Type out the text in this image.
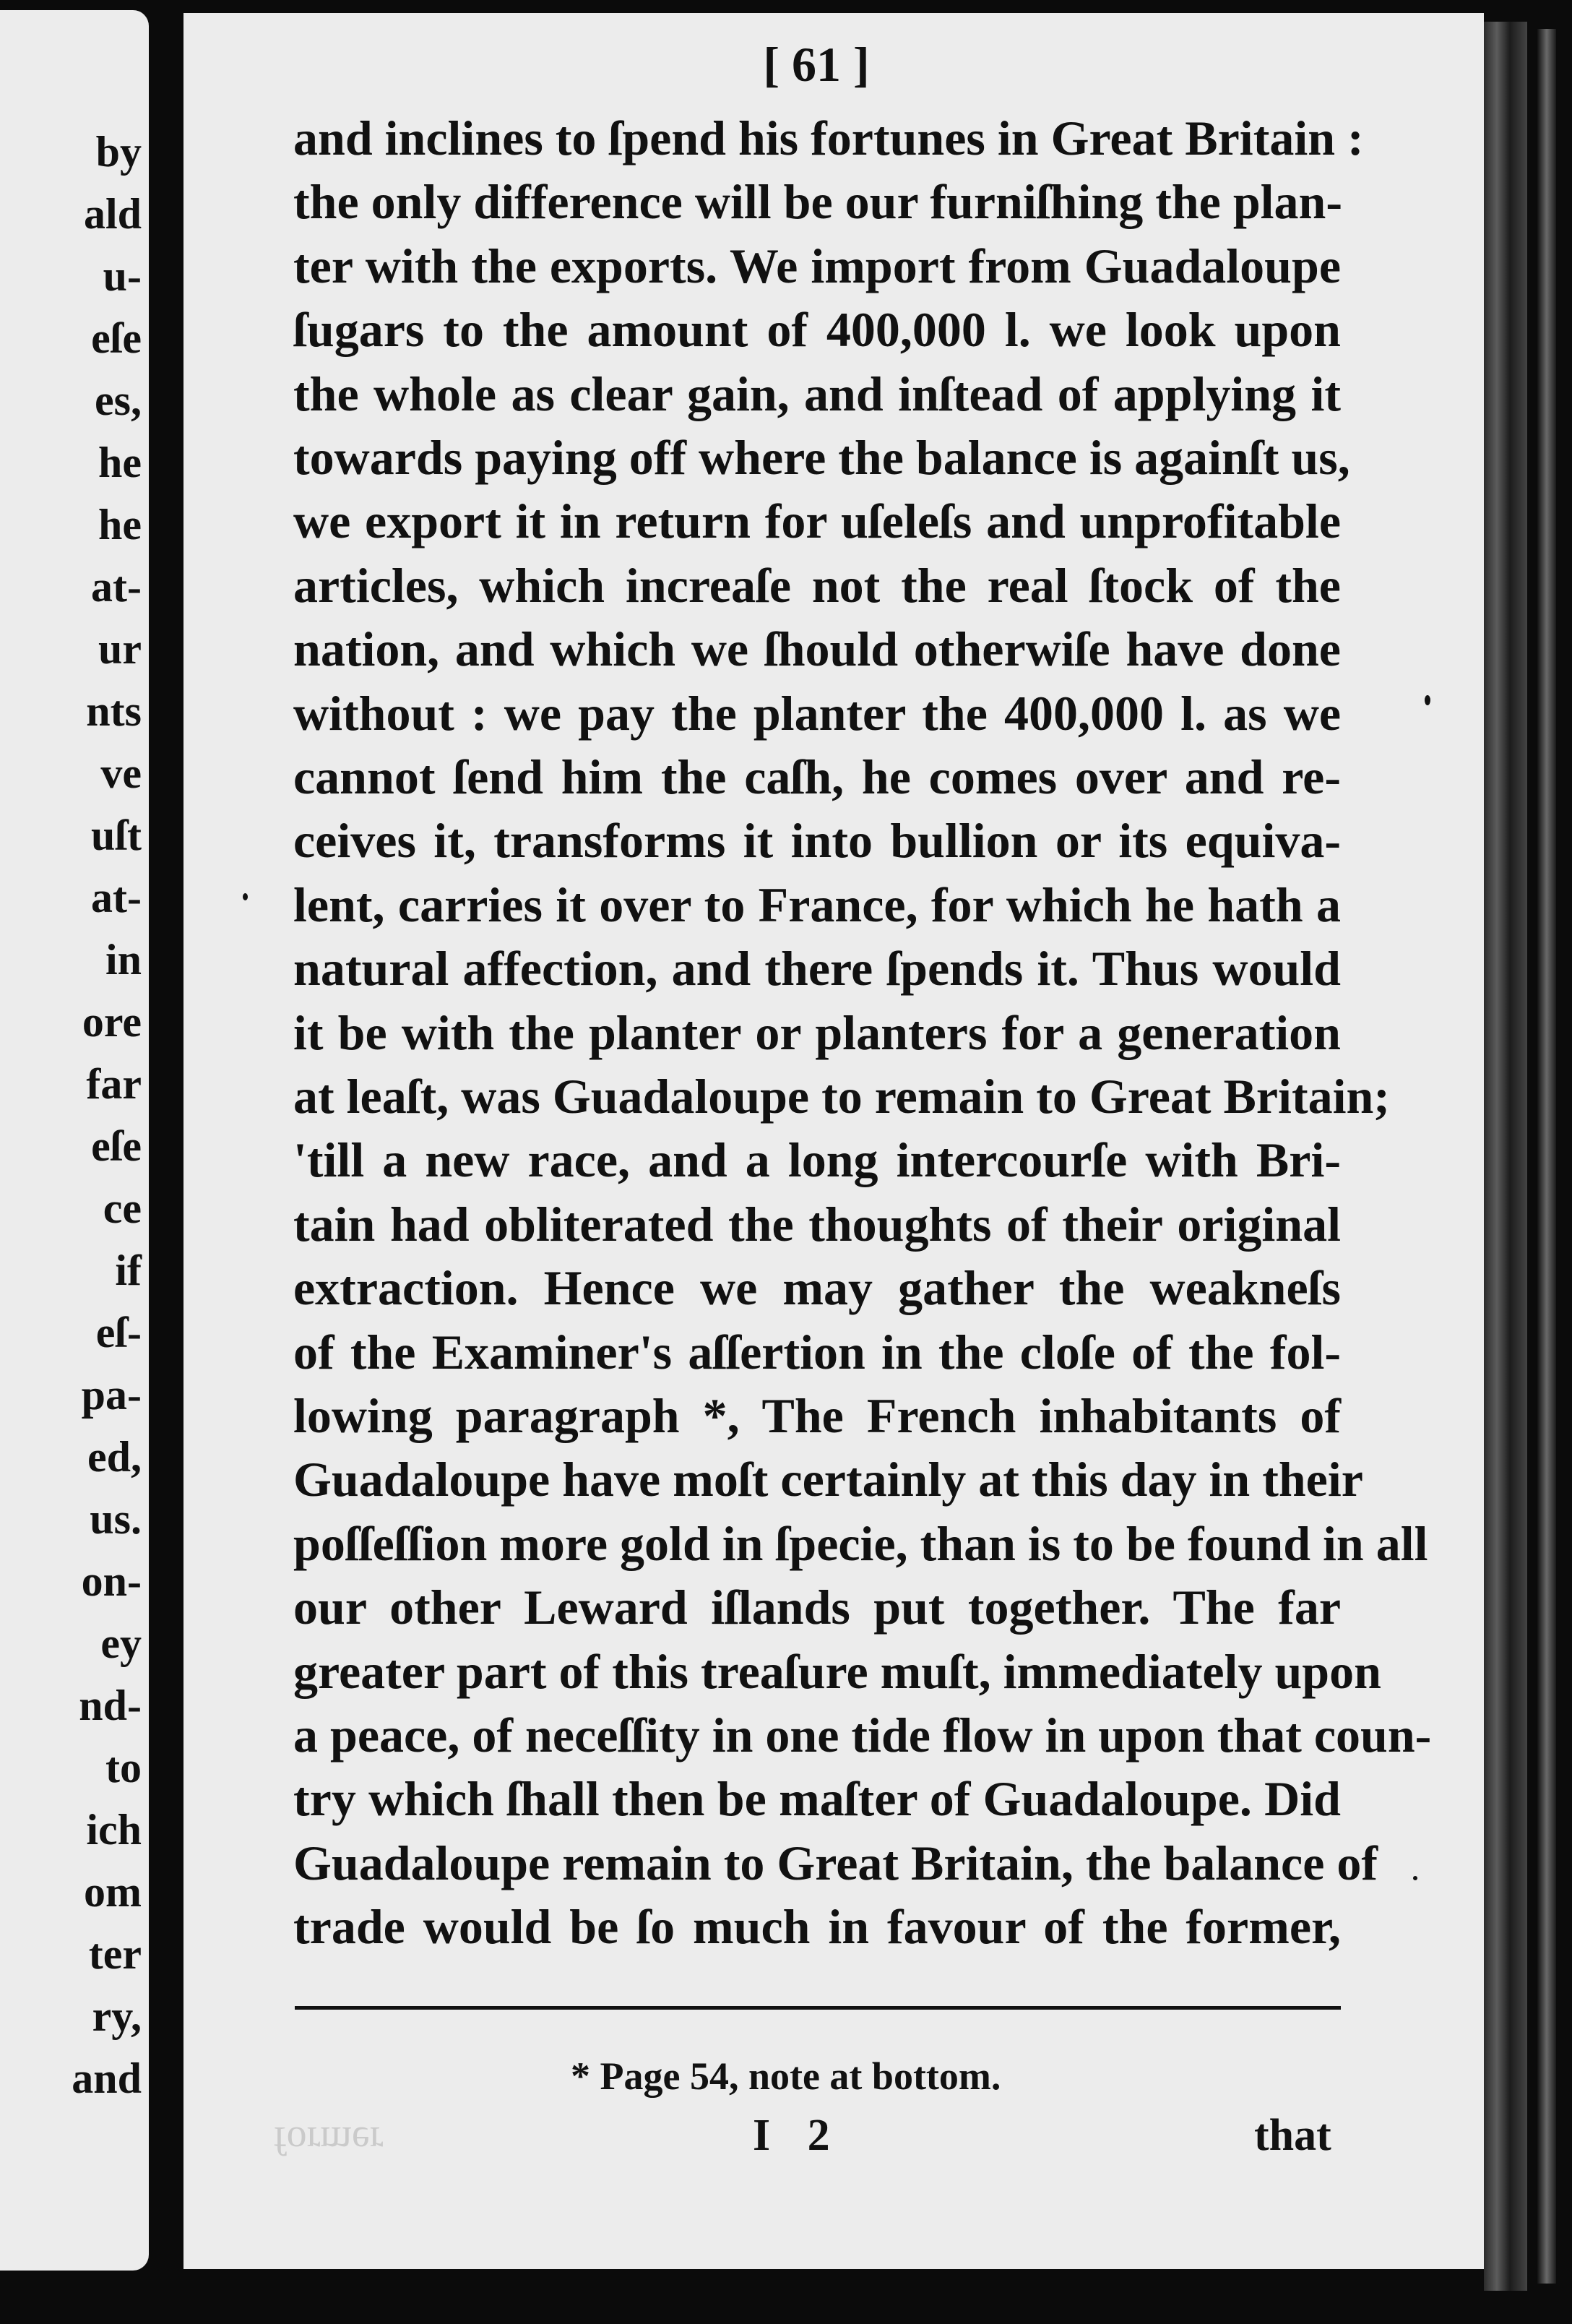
by
ald
u-
eſe
es,
he
he
at-
ur
nts
ve
uſt
at-
in
ore
far
eſe
ce
if
eſ-
pa-
ed,
us.
on-
ey
nd-
to
ich
om
ter
ry,
and
former
[ 61 ]
and inclines to ſpend his fortunes in Great Britain :
the only difference will be our furniſhing the plan-
ter with the exports. We import from Guadaloupe
ſugars to the amount of 400,000 l. we look upon
the whole as clear gain, and inſtead of applying it
towards paying off where the balance is againſt us,
we export it in return for uſeleſs and unprofitable
articles, which increaſe not the real ſtock of the
nation, and which we ſhould otherwiſe have done
without : we pay the planter the 400,000 l. as we
cannot ſend him the caſh, he comes over and re-
ceives it, transforms it into bullion or its equiva-
lent, carries it over to France, for which he hath a
natural affection, and there ſpends it. Thus would
it be with the planter or planters for a generation
at leaſt, was Guadaloupe to remain to Great Britain;
'till a new race, and a long intercourſe with Bri-
tain had obliterated the thoughts of their original
extraction. Hence we may gather the weakneſs
of the Examiner's aſſertion in the cloſe of the fol-
lowing paragraph *, The French inhabitants of
Guadaloupe have moſt certainly at this day in their
poſſeſſion more gold in ſpecie, than is to be found in all
our other Leward iſlands put together. The far
greater part of this treaſure muſt, immediately upon
a peace, of neceſſity in one tide flow in upon that coun-
try which ſhall then be maſter of Guadaloupe. Did
Guadaloupe remain to Great Britain, the balance of
trade would be ſo much in favour of the former,
* Page 54, note at bottom.
I 2	that
